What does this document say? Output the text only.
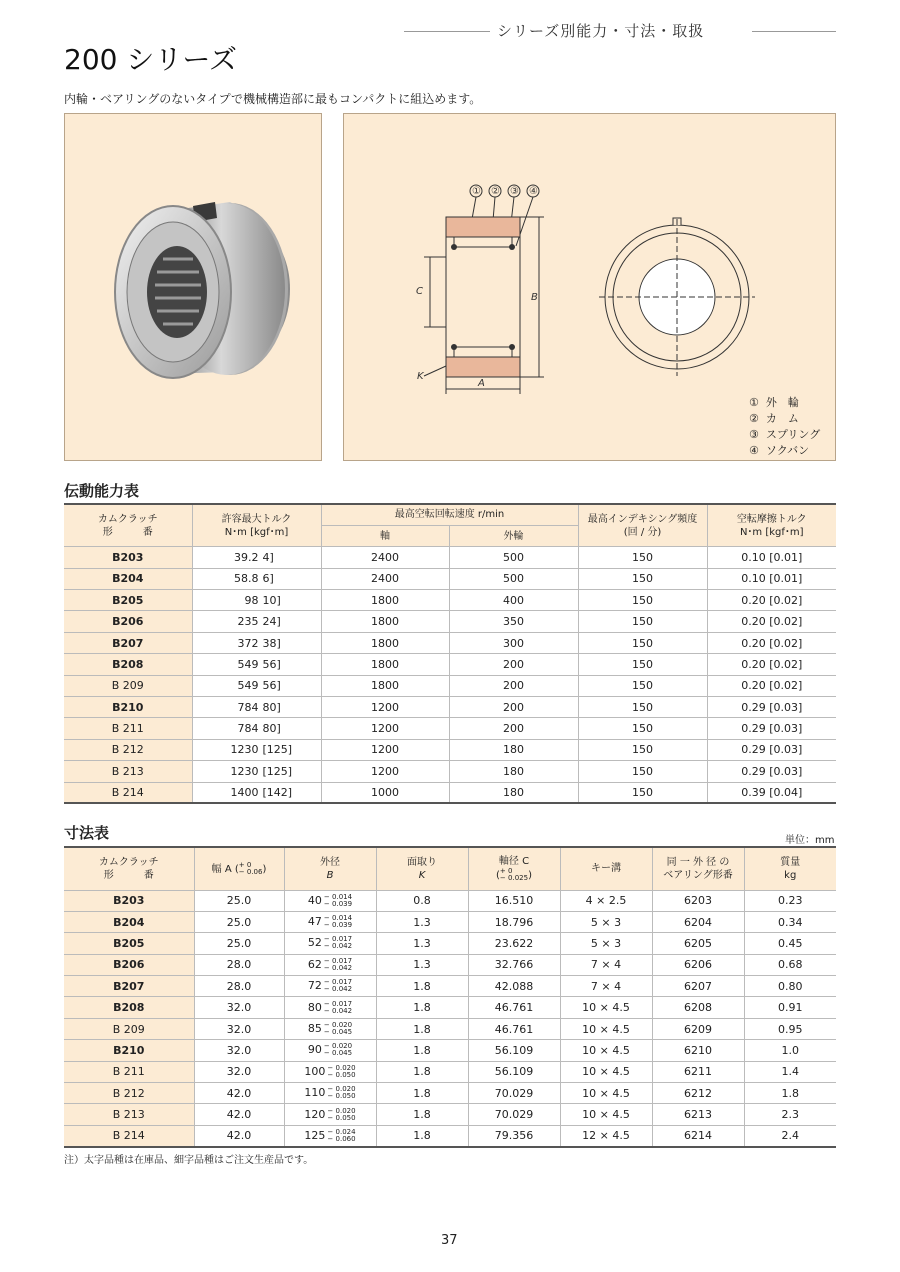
シリーズ別能力・寸法・取扱
200 シリーズ
内輪・ベアリングのないタイプで機械構造部に最もコンパクトに組込めます。
① ② ③ ④
C
B
K
A
① 外　輪
② カ　ム
③ スプリング
④ ソクバン
伝動能力表
カムクラッチ
形　　　番	許容最大トルク
N･m [kgf･m]	最高空転回転速度 r/min		最高インデキシング頻度
(回 / 分)	空転摩擦トルク
N･m [kgf･m]
		軸	外輪		
B203	39.2 4]	2400	500	150	0.10 [0.01]
B204	58.8 6]	2400	500	150	0.10 [0.01]
B205	98 10]	1800	400	150	0.20 [0.02]
B206	235 24]	1800	350	150	0.20 [0.02]
B207	372 38]	1800	300	150	0.20 [0.02]
B208	549 56]	1800	200	150	0.20 [0.02]
B 209	549 56]	1800	200	150	0.20 [0.02]
B210	784 80]	1200	200	150	0.29 [0.03]
B 211	784 80]	1200	200	150	0.29 [0.03]
B 212	1230 [125]	1200	180	150	0.29 [0.03]
B 213	1230 [125]	1200	180	150	0.29 [0.03]
B 214	1400 [142]	1000	180	150	0.39 [0.04]
寸法表	単位：mm
カムクラッチ
形　　　番	幅 A (+ 0
− 0.06)	外径
B	面取り
K	軸径 C
(+ 0
− 0.025)	キー溝	同 一 外 径 の
ベアリング形番	質量
kg
B203	25.0	40 − 0.014
− 0.039	0.8	16.510	4 × 2.5	6203	0.23
B204	25.0	47 − 0.014
− 0.039	1.3	18.796	5 × 3	6204	0.34
B205	25.0	52 − 0.017
− 0.042	1.3	23.622	5 × 3	6205	0.45
B206	28.0	62 − 0.017
− 0.042	1.3	32.766	7 × 4	6206	0.68
B207	28.0	72 − 0.017
− 0.042	1.8	42.088	7 × 4	6207	0.80
B208	32.0	80 − 0.017
− 0.042	1.8	46.761	10 × 4.5	6208	0.91
B 209	32.0	85 − 0.020
− 0.045	1.8	46.761	10 × 4.5	6209	0.95
B210	32.0	90 − 0.020
− 0.045	1.8	56.109	10 × 4.5	6210	1.0
B 211	32.0	100 − 0.020
− 0.050	1.8	56.109	10 × 4.5	6211	1.4
B 212	42.0	110 − 0.020
− 0.050	1.8	70.029	10 × 4.5	6212	1.8
B 213	42.0	120 − 0.020
− 0.050	1.8	70.029	10 × 4.5	6213	2.3
B 214	42.0	125 − 0.024
− 0.060	1.8	79.356	12 × 4.5	6214	2.4
注）太字品種は在庫品、細字品種はご注文生産品です。
37
